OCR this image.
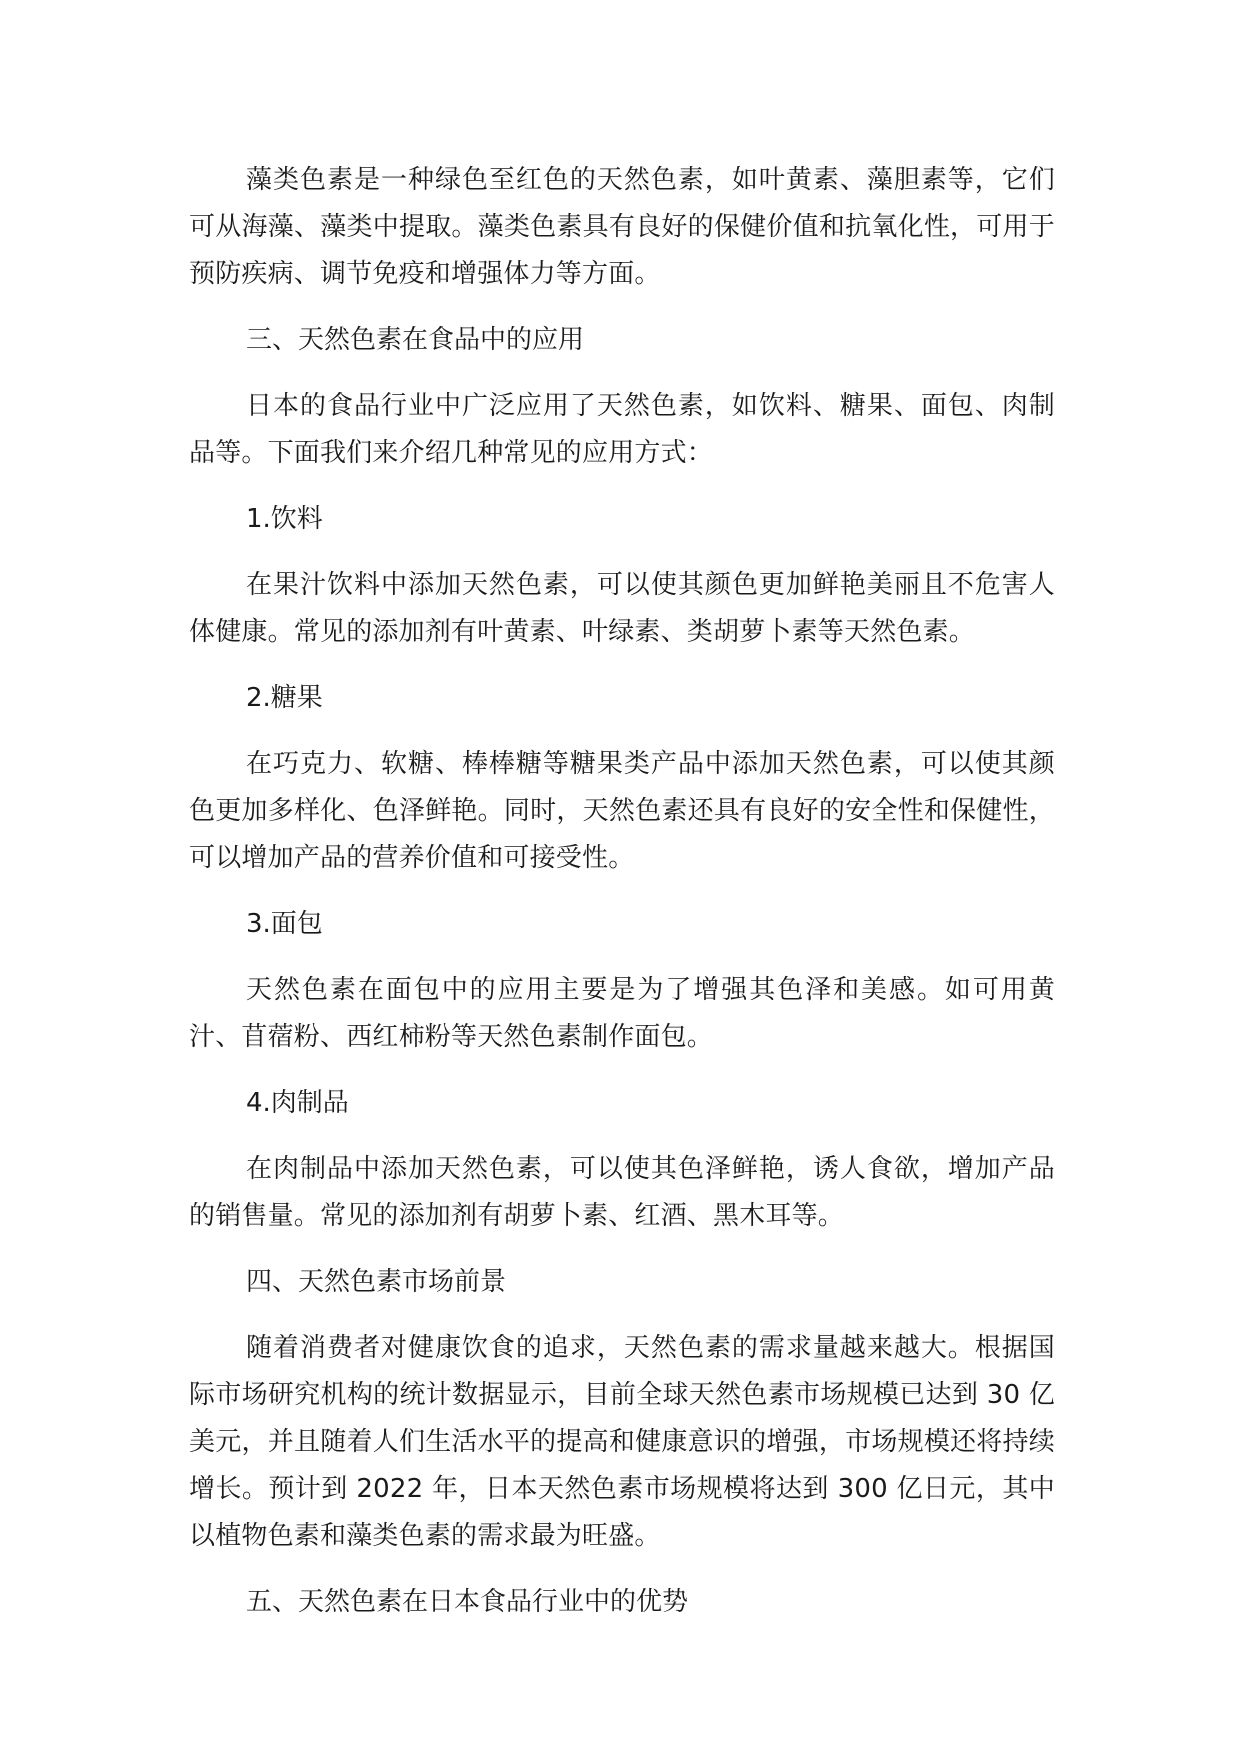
藻类色素是一种绿色至红色的天然色素，如叶黄素、藻胆素等，它们可从海藻、藻类中提取。藻类色素具有良好的保健价值和抗氧化性，可用于预防疾病、调节免疫和增强体力等方面。

三、天然色素在食品中的应用

日本的食品行业中广泛应用了天然色素，如饮料、糖果、面包、肉制品等。下面我们来介绍几种常见的应用方式：

1.饮料

在果汁饮料中添加天然色素，可以使其颜色更加鲜艳美丽且不危害人体健康。常见的添加剂有叶黄素、叶绿素、类胡萝卜素等天然色素。

2.糖果

在巧克力、软糖、棒棒糖等糖果类产品中添加天然色素，可以使其颜色更加多样化、色泽鲜艳。同时，天然色素还具有良好的安全性和保健性，可以增加产品的营养价值和可接受性。

3.面包

天然色素在面包中的应用主要是为了增强其色泽和美感。如可用黄汁、苜蓿粉、西红柿粉等天然色素制作面包。

4.肉制品

在肉制品中添加天然色素，可以使其色泽鲜艳，诱人食欲，增加产品的销售量。常见的添加剂有胡萝卜素、红酒、黑木耳等。

四、天然色素市场前景

随着消费者对健康饮食的追求，天然色素的需求量越来越大。根据国际市场研究机构的统计数据显示，目前全球天然色素市场规模已达到 30 亿美元，并且随着人们生活水平的提高和健康意识的增强，市场规模还将持续增长。预计到 2022 年，日本天然色素市场规模将达到 300 亿日元，其中以植物色素和藻类色素的需求最为旺盛。

五、天然色素在日本食品行业中的优势
